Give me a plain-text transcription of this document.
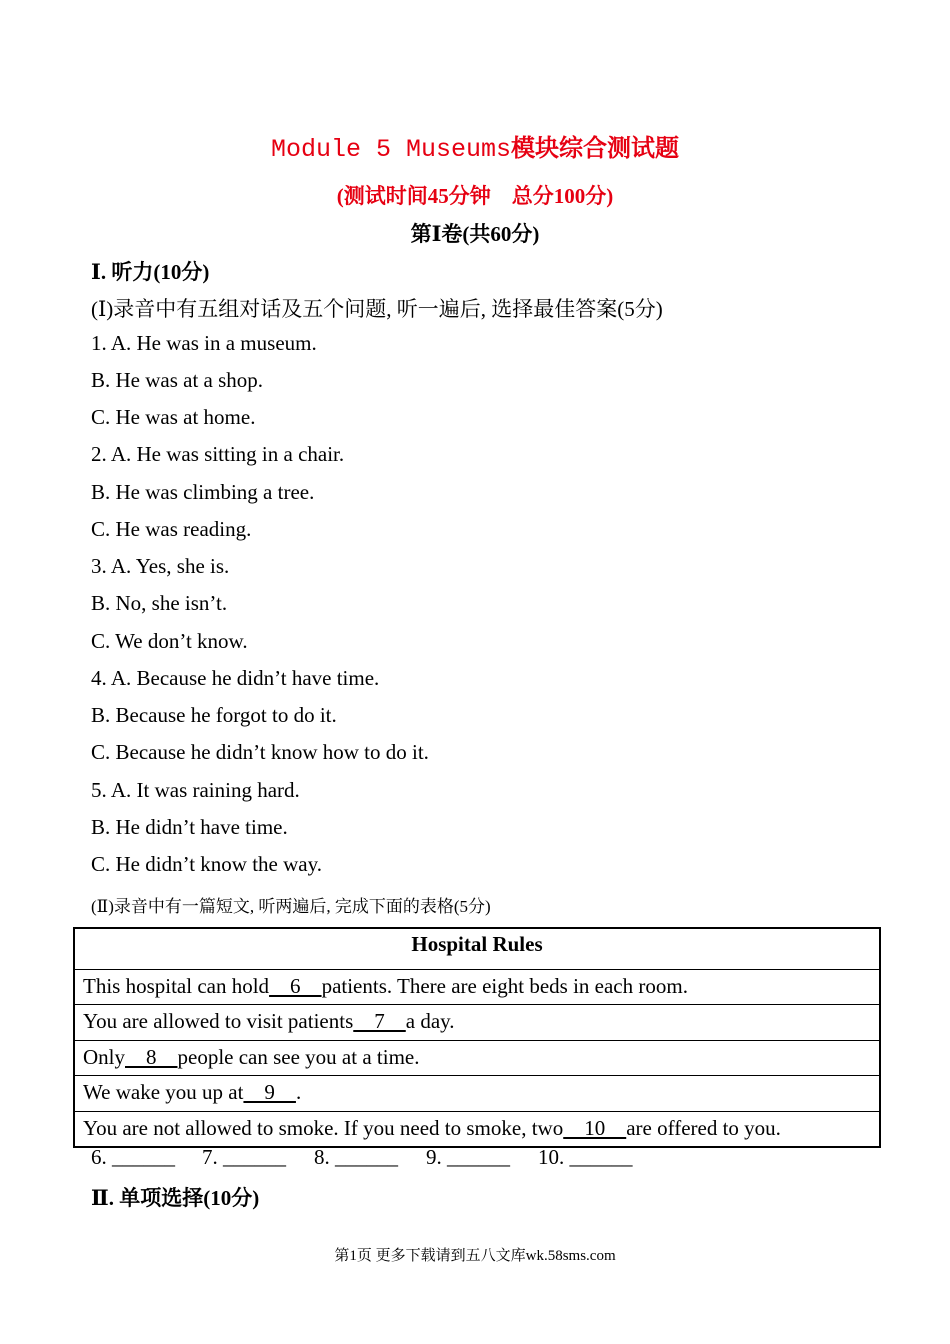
Module 5 Museums模块综合测试题
(测试时间45分钟　总分100分)
第Ⅰ卷(共60分)
Ⅰ. 听力(10分)
(Ⅰ)录音中有五组对话及五个问题, 听一遍后, 选择最佳答案(5分)
1. A. He was in a museum.
B. He was at a shop.
C. He was at home.
2. A. He was sitting in a chair.
B. He was climbing a tree.
C. He was reading.
3. A. Yes, she is.
B. No, she isn’t.
C. We don’t know.
4. A. Because he didn’t have time.
B. Because he forgot to do it.
C. Because he didn’t know how to do it.
5. A. It was raining hard.
B. He didn’t have time.
C. He didn’t know the way.
(Ⅱ)录音中有一篇短文, 听两遍后, 完成下面的表格(5分)
Hospital Rules
This hospital can hold　6　patients. There are eight beds in each room.
You are allowed to visit patients　7　a day.
Only　8　people can see you at a time.
We wake you up at　9　.
You are not allowed to smoke. If you need to smoke, two　10　are offered to you.
6. ______ 7. ______ 8. ______ 9. ______ 10. ______
Ⅱ. 单项选择(10分)
第1页 更多下载请到五八文库wk.58sms.com
